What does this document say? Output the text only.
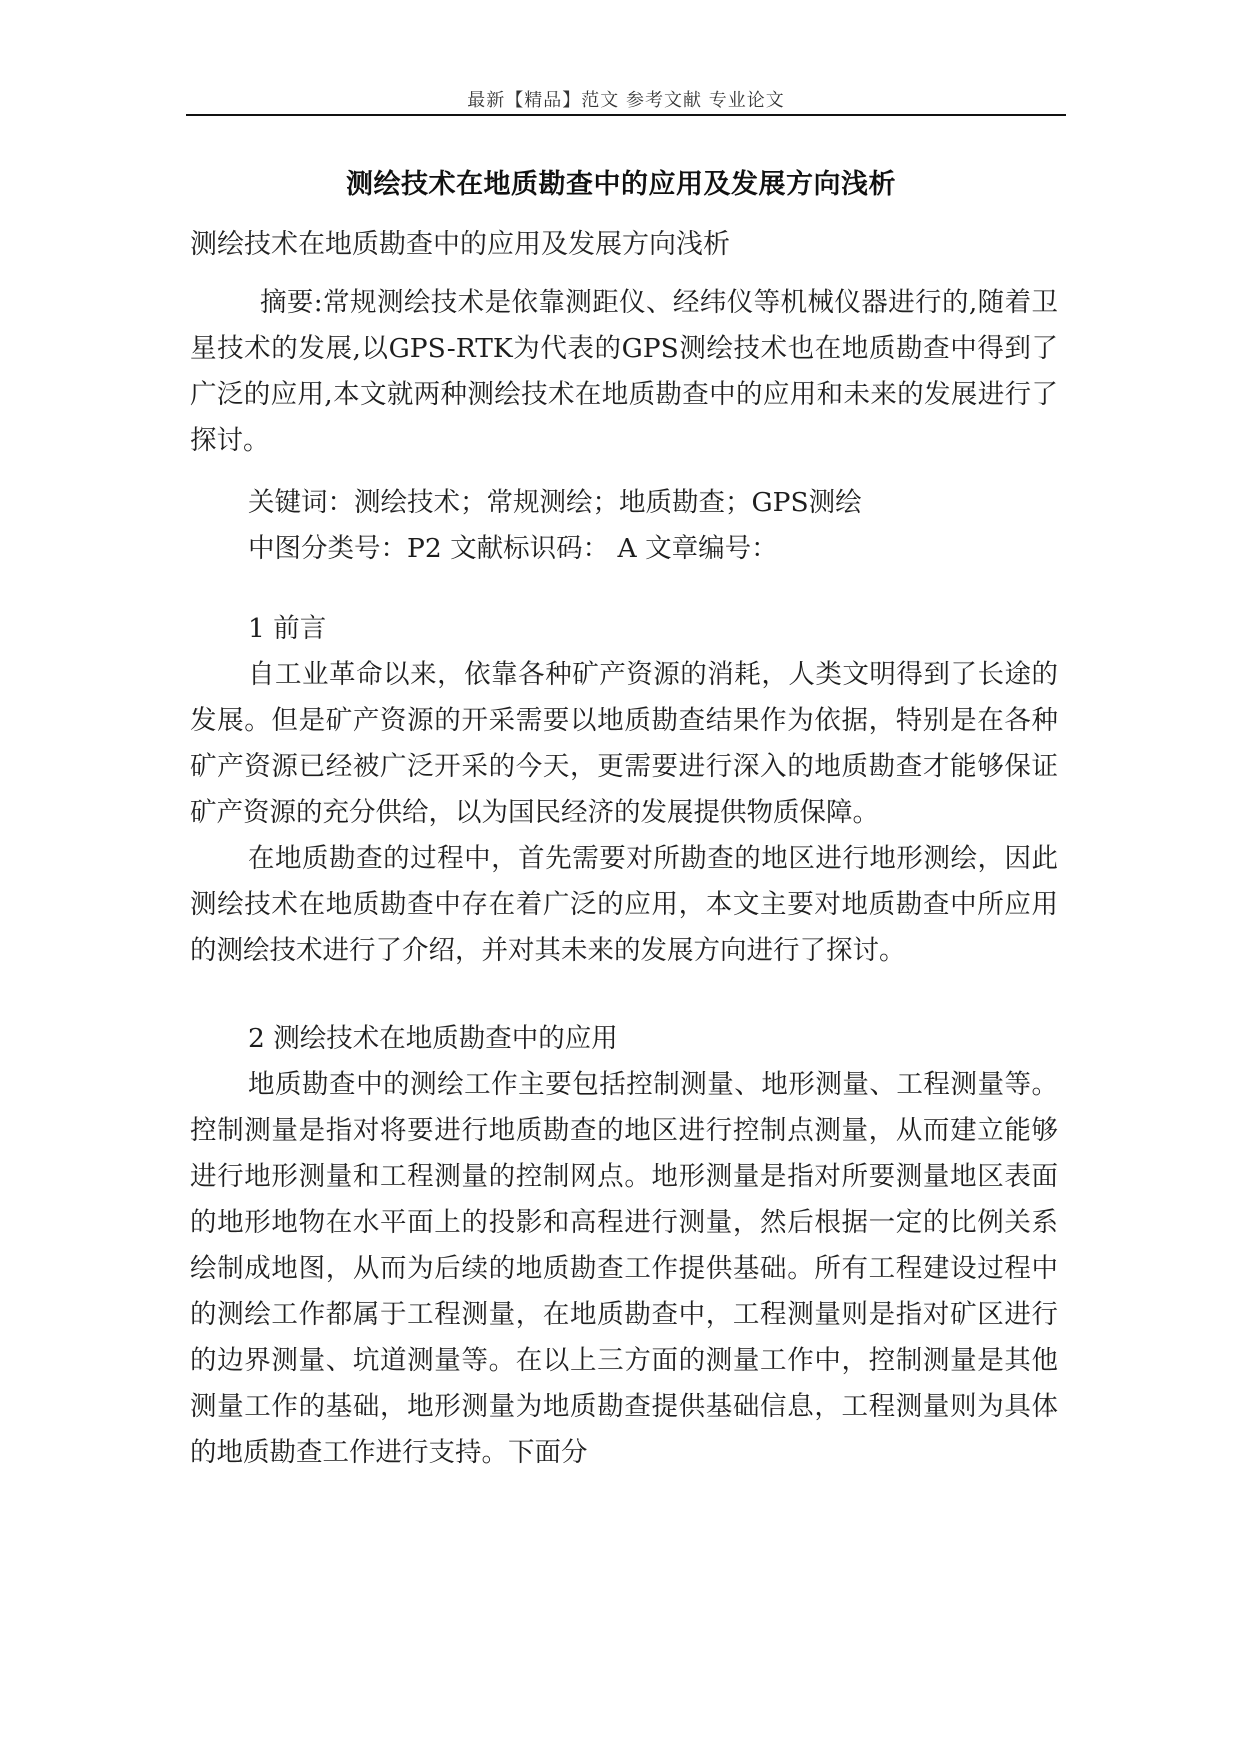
最新【精品】范文 参考文献 专业论文
测绘技术在地质勘查中的应用及发展方向浅析
测绘技术在地质勘查中的应用及发展方向浅析

摘要:常规测绘技术是依靠测距仪、经纬仪等机械仪器进行的,随着卫星技术的发展,以GPS-RTK为代表的GPS测绘技术也在地质勘查中得到了广泛的应用,本文就两种测绘技术在地质勘查中的应用和未来的发展进行了探讨。

关键词：测绘技术；常规测绘；地质勘查；GPS测绘

中图分类号：P2 文献标识码： A 文章编号：

1 前言

自工业革命以来，依靠各种矿产资源的消耗，人类文明得到了长途的发展。但是矿产资源的开采需要以地质勘查结果作为依据，特别是在各种矿产资源已经被广泛开采的今天，更需要进行深入的地质勘查才能够保证矿产资源的充分供给，以为国民经济的发展提供物质保障。

在地质勘查的过程中，首先需要对所勘查的地区进行地形测绘，因此测绘技术在地质勘查中存在着广泛的应用，本文主要对地质勘查中所应用的测绘技术进行了介绍，并对其未来的发展方向进行了探讨。

2 测绘技术在地质勘查中的应用

地质勘查中的测绘工作主要包括控制测量、地形测量、工程测量等。控制测量是指对将要进行地质勘查的地区进行控制点测量，从而建立能够进行地形测量和工程测量的控制网点。地形测量是指对所要测量地区表面的地形地物在水平面上的投影和高程进行测量，然后根据一定的比例关系绘制成地图，从而为后续的地质勘查工作提供基础。所有工程建设过程中的测绘工作都属于工程测量，在地质勘查中，工程测量则是指对矿区进行的边界测量、坑道测量等。在以上三方面的测量工作中，控制测量是其他测量工作的基础，地形测量为地质勘查提供基础信息，工程测量则为具体的地质勘查工作进行支持。下面分
